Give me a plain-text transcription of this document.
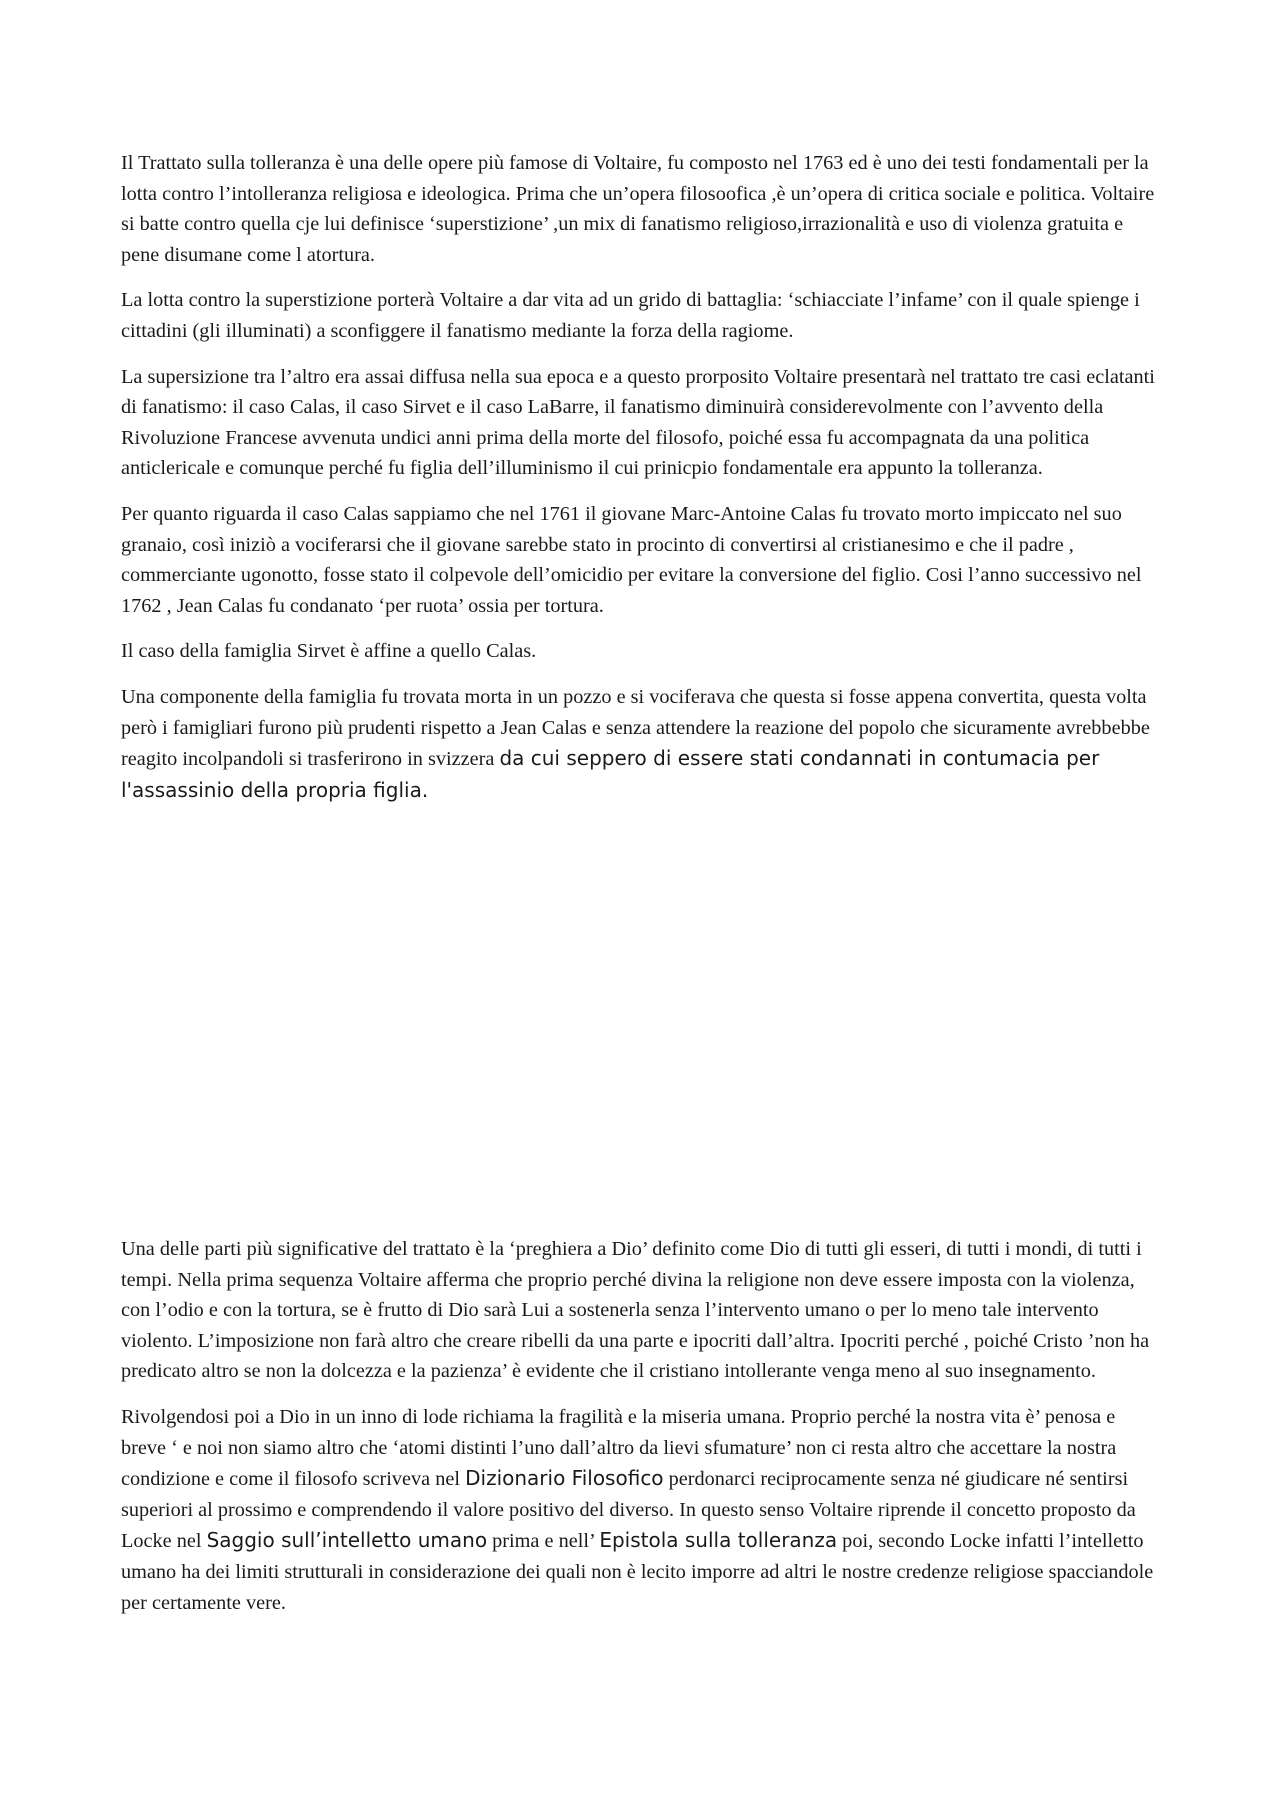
Il Trattato sulla tolleranza è una delle opere più famose di Voltaire, fu composto nel 1763 ed è uno dei testi fondamentali per la lotta contro l’intolleranza religiosa e ideologica. Prima che un’opera filosoofica ,è un’opera di critica sociale e politica. Voltaire si batte contro quella cje lui definisce ‘superstizione’ ,un mix di fanatismo religioso,irrazionalità e uso di violenza gratuita e pene disumane come l atortura.

La lotta contro la superstizione porterà Voltaire a dar vita ad un grido di battaglia: ‘schiacciate l’infame’ con il quale spienge i cittadini (gli illuminati) a sconfiggere il fanatismo mediante la forza della ragiome.

La supersizione tra l’altro era assai diffusa nella sua epoca e a questo prorposito Voltaire presentarà nel trattato tre casi eclatanti di fanatismo: il caso Calas, il caso Sirvet e il caso LaBarre, il fanatismo diminuirà considerevolmente con l’avvento della Rivoluzione Francese avvenuta undici anni prima della morte del filosofo, poiché essa fu accompagnata da una politica anticlericale e comunque perché fu figlia dell’illuminismo il cui prinicpio fondamentale era appunto la tolleranza.

Per quanto riguarda il caso Calas sappiamo che nel 1761 il giovane Marc-Antoine Calas fu trovato morto impiccato nel suo granaio, così iniziò a vociferarsi che il giovane sarebbe stato in procinto di convertirsi al cristianesimo e che il padre , commerciante ugonotto, fosse stato il colpevole dell’omicidio per evitare la conversione del figlio. Cosi l’anno successivo nel 1762 , Jean Calas fu condanato ‘per ruota’ ossia per tortura.

Il caso della famiglia Sirvet è affine a quello Calas.

Una componente della famiglia fu trovata morta in un pozzo e si vociferava che questa si fosse appena convertita, questa volta però i famigliari furono più prudenti rispetto a Jean Calas e senza attendere la reazione del popolo che sicuramente avrebbebbe reagito incolpandoli si trasferirono in svizzera da cui seppero di essere stati condannati in contumacia per l'assassinio della propria figlia.

Una delle parti più significative del trattato è la ‘preghiera a Dio’ definito come Dio di tutti gli esseri, di tutti i mondi, di tutti i tempi. Nella prima sequenza Voltaire afferma che proprio perché divina la religione non deve essere imposta con la violenza, con l’odio e con la tortura, se è frutto di Dio sarà Lui a sostenerla senza l’intervento umano o per lo meno tale intervento violento. L’imposizione non farà altro che creare ribelli da una parte e ipocriti dall’altra. Ipocriti perché , poiché Cristo ’non ha predicato altro se non la dolcezza e la pazienza’ è evidente che il cristiano intollerante venga meno al suo insegnamento.

Rivolgendosi poi a Dio in un inno di lode richiama la fragilità e la miseria umana. Proprio perché la nostra vita è’ penosa e breve ‘ e noi non siamo altro che ‘atomi distinti l’uno dall’altro da lievi sfumature’ non ci resta altro che accettare la nostra condizione e come il filosofo scriveva nel Dizionario Filosofico perdonarci reciprocamente senza né giudicare né sentirsi superiori al prossimo e comprendendo il valore positivo del diverso. In questo senso Voltaire riprende il concetto proposto da Locke nel Saggio sull’intelletto umano prima e nell’ Epistola sulla tolleranza poi, secondo Locke infatti l’intelletto umano ha dei limiti strutturali in considerazione dei quali non è lecito imporre ad altri le nostre credenze religiose spacciandole per certamente vere.
